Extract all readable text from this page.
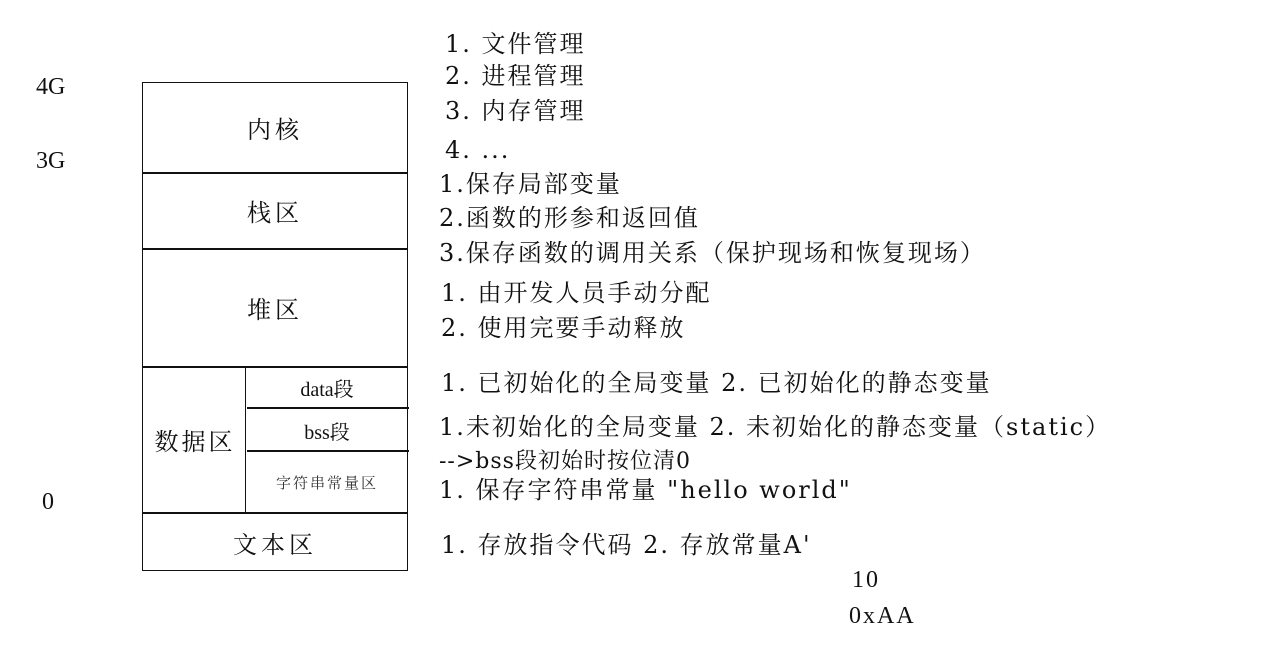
4G
3G
0
内核
栈区
堆区
数据区
data段
bss段
字符串常量区
文本区
1. 文件管理
2. 进程管理
3. 内存管理
4. ...
1.保存局部变量
2.函数的形参和返回值
3.保存函数的调用关系（保护现场和恢复现场）
1. 由开发人员手动分配
2. 使用完要手动释放
1. 已初始化的全局变量 2. 已初始化的静态变量
1.未初始化的全局变量 2. 未初始化的静态变量（static）
-->bss段初始时按位清0
1. 保存字符串常量 "hello world"
1. 存放指令代码 2. 存放常量A'
10
0xAA
